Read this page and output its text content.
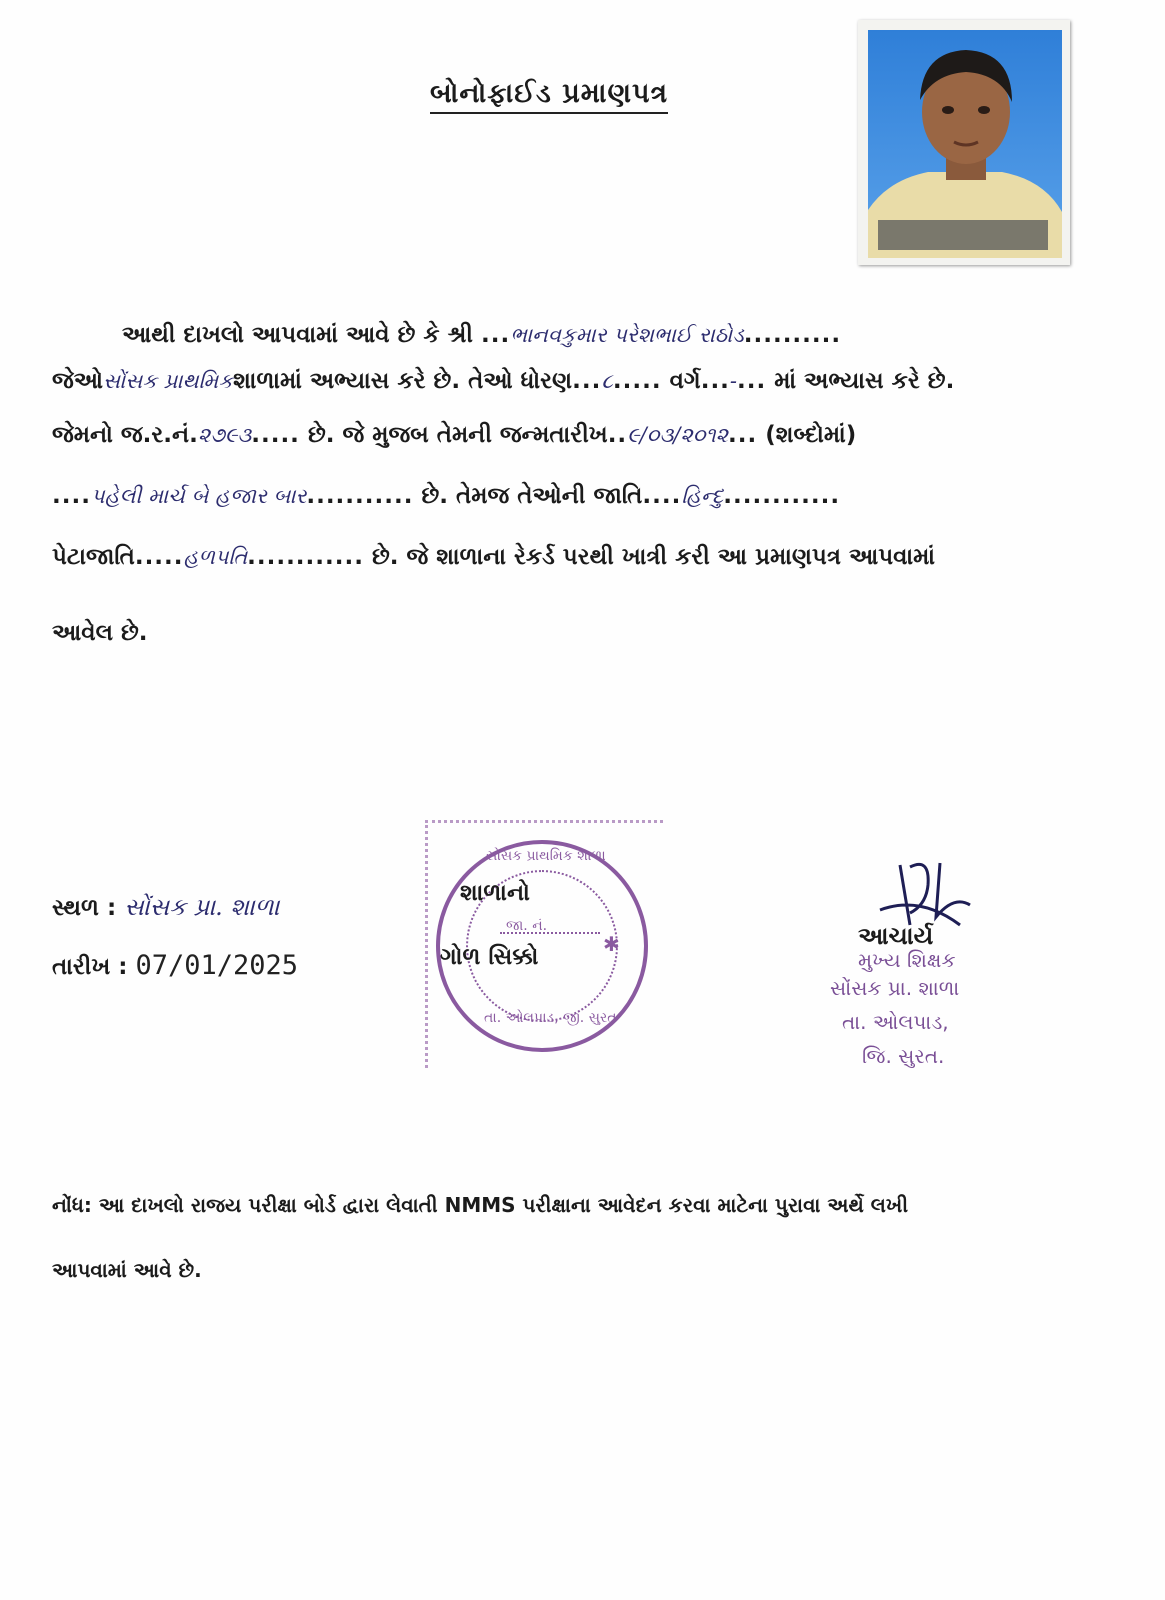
બોનોફાઈડ પ્રમાણપત્ર
આથી દાખલો આપવામાં આવે છે કે શ્રી ...ભાનવકુમાર પરેશભાઈ રાઠોડ..........
જેઓસોંસક પ્રાથમિકશાળામાં અભ્યાસ કરે છે. તેઓ ધોરણ...૮..... વર્ગ...-... માં અભ્યાસ કરે છે.
જેમનો જ.ર.નં.૨૭૯૩..... છે. જે મુજબ તેમની જન્મતારીખ..૯/૦૩/૨૦૧૨... (શબ્દોમાં)
....પહેલી માર્ચ બે હજાર બાર........... છે. તેમજ તેઓની જાતિ....હિન્દુ............
પેટાજાતિ.....હળપતિ............ છે. જે શાળાના રેકર્ડ પરથી ખાત્રી કરી આ પ્રમાણપત્ર આપવામાં
આવેલ છે.
સ્થળ : સોંસક પ્રા. શાળા
તારીખ : 07/01/2025
સોંસક પ્રાથમિક શાળા
તા. ઓલપાડ, જી. સુરત
શાળાનો
જા. નં.
ગોળ સિક્કો	✱	આચાર્ય
મુખ્ય શિક્ષક
સોંસક પ્રા. શાળા
તા. ઓલપાડ,
જિ. સુરત.
નોંધ: આ દાખલો રાજય પરીક્ષા બોર્ડ દ્વારા લેવાતી NMMS પરીક્ષાના આવેદન કરવા માટેના પુરાવા અર્થે લખી
આપવામાં આવે છે.
